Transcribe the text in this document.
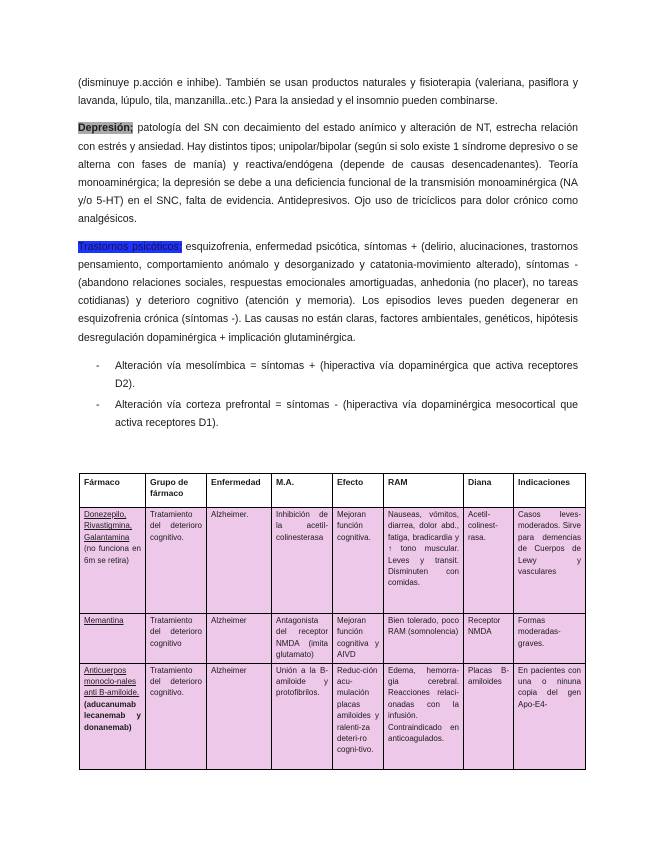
(disminuye p.acción e inhibe). También se usan productos naturales y fisioterapia (valeriana, pasiflora y lavanda, lúpulo, tila, manzanilla..etc.) Para la ansiedad y el insomnio pueden combinarse.

Depresión; patología del SN con decaimiento del estado anímico y alteración de NT, estrecha relación con estrés y ansiedad. Hay distintos tipos; unipolar/bipolar (según si solo existe 1 síndrome depresivo o se alterna con fases de manía) y reactiva/endógena (depende de causas desencadenantes). Teoría monoaminérgica; la depresión se debe a una deficiencia funcional de la transmisión monoaminérgica (NA y/o 5-HT) en el SNC, falta de evidencia. Antidepresivos. Ojo uso de tricíclicos para dolor crónico como analgésicos.

Trastornos psicóticos; esquizofrenia, enfermedad psicótica, síntomas + (delirio, alucinaciones, trastornos pensamiento, comportamiento anómalo y desorganizado y catatonia-movimiento alterado), síntomas - (abandono relaciones sociales, respuestas emocionales amortiguadas, anhedonia (no placer), no tareas cotidianas) y deterioro cognitivo (atención y memoria). Los episodios leves pueden degenerar en esquizofrenia crónica (síntomas -). Las causas no están claras, factores ambientales, genéticos, hipótesis desregulación dopaminérgica + implicación glutaminérgica.

- Alteración vía mesolímbica = síntomas + (hiperactiva vía dopaminérgica que activa receptores D2).
- Alteración vía corteza prefrontal = síntomas - (hiperactiva vía dopaminérgica mesocortical que activa receptores D1).
Fármaco	Grupo de fármaco	Enfermedad	M.A.	Efecto	RAM	Diana	Indicaciones

Donezepilo, Rivastigmina, Galantamina
(no funciona en 6m se retira)	Tratamiento del deterioro cognitivo.	Alzheimer.	Inhibición de la acetil-colinesterasa	Mejoran función cognitiva.	Nauseas, vómitos, diarrea, dolor abd., fatiga, bradicardia y ↑ tono muscular. Leves y transit. Disminuten con comidas.	Acetil-colinest-rasa.	Casos leves-moderados. Sirve para demencias de Cuerpos de Lewy y vasculares

Memantina	Tratamiento del deterioro cognitivo	Alzheimer	Antagonista del receptor NMDA (imita glutamato)	Mejoran función cognitiva y AIVD	Bien tolerado, poco RAM (somnolencia)	Receptor NMDA	Formas moderadas-graves.

Anticuerpos monoclo-nales anti B-amiloide.
(aducanumab lecanemab y donanemab)	Tratamiento del deterioro cognitivo.	Alzheimer	Unión a la B-amiloide y protofibrilos.	Reduc-ción acu-mulación placas amiloides y ralenti-za deteri-ro cogni-tivo.	Edema, hemorra-gia cerebral. Reacciones relaci-onadas con la infusión. Contraindicado en anticoagulados.	Placas B-amiloides	En pacientes con una o ninuna copia del gen Apo-E4-
